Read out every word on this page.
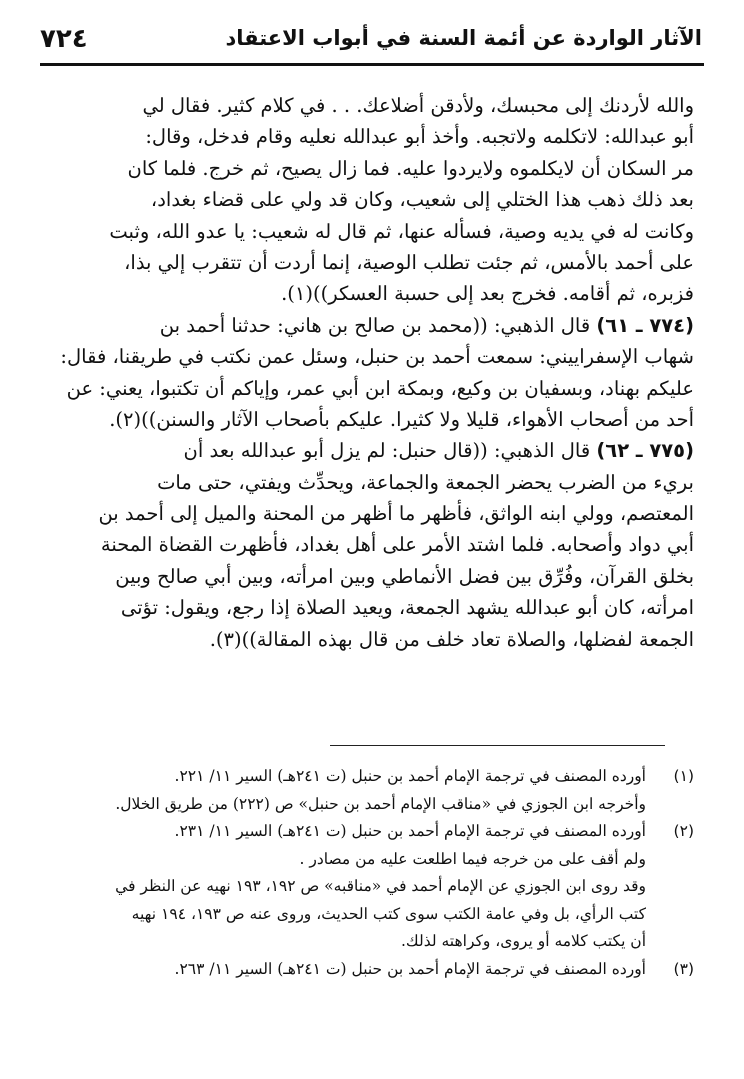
الآثار الواردة عن أئمة السنة في أبواب الاعتقاد
٧٢٤
والله لأردنك إلى محبسك، ولأدقن أضلاعك. . . في كلام كثير. فقال لي
أبو عبدالله: لاتكلمه ولاتجبه. وأخذ أبو عبدالله نعليه وقام فدخل، وقال:
مر السكان أن لايكلموه ولايردوا عليه. فما زال يصيح، ثم خرج. فلما كان
بعد ذلك ذهب هذا الختلي إلى شعيب، وكان قد ولي على قضاء بغداد،
وكانت له في يديه وصية، فسأله عنها، ثم قال له شعيب: يا عدو الله، وثبت
على أحمد بالأمس، ثم جئت تطلب الوصية، إنما أردت أن تتقرب إلي بذا،
فزبره، ثم أقامه. فخرج بعد إلى حسبة العسكر))(١).
(٧٧٤ ـ ٦١) قال الذهبي: ((محمد بن صالح بن هاني: حدثنا أحمد بن
شهاب الإسفراييني: سمعت أحمد بن حنبل، وسئل عمن نكتب في طريقنا، فقال:
عليكم بهناد، وبسفيان بن وكيع، وبمكة ابن أبي عمر، وإياكم أن تكتبوا، يعني: عن
أحد من أصحاب الأهواء، قليلا ولا كثيرا. عليكم بأصحاب الآثار والسنن))(٢).
(٧٧٥ ـ ٦٢) قال الذهبي: ((قال حنبل: لم يزل أبو عبدالله بعد أن
بريء من الضرب يحضر الجمعة والجماعة، ويحدِّث ويفتي، حتى مات
المعتصم، وولي ابنه الواثق، فأظهر ما أظهر من المحنة والميل إلى أحمد بن
أبي دواد وأصحابه. فلما اشتد الأمر على أهل بغداد، فأظهرت القضاة المحنة
بخلق القرآن، وفُرِّق بين فضل الأنماطي وبين امرأته، وبين أبي صالح وبين
امرأته، كان أبو عبدالله يشهد الجمعة، ويعيد الصلاة إذا رجع، ويقول: تؤتى
الجمعة لفضلها، والصلاة تعاد خلف من قال بهذه المقالة))(٣).
(١)أورده المصنف في ترجمة الإمام أحمد بن حنبل (ت ٢٤١هـ) السير ١١/ ٢٢١.
وأخرجه ابن الجوزي في «مناقب الإمام أحمد بن حنبل» ص (٢٢٢) من طريق الخلال.
(٢)أورده المصنف في ترجمة الإمام أحمد بن حنبل (ت ٢٤١هـ) السير ١١/ ٢٣١.
ولم أقف على من خرجه فيما اطلعت عليه من مصادر .
وقد روى ابن الجوزي عن الإمام أحمد في «مناقبه» ص ١٩٢، ١٩٣ نهيه عن النظر في
كتب الرأي، بل وفي عامة الكتب سوى كتب الحديث، وروى عنه ص ١٩٣، ١٩٤ نهيه
أن يكتب كلامه أو يروى، وكراهته لذلك.
(٣)أورده المصنف في ترجمة الإمام أحمد بن حنبل (ت ٢٤١هـ) السير ١١/ ٢٦٣.
